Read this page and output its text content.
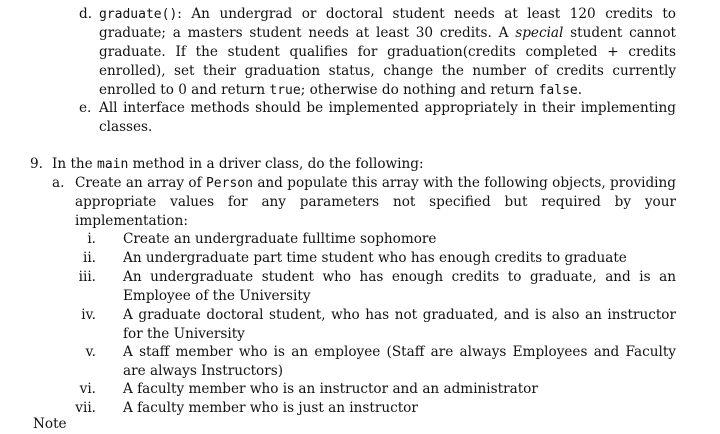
d. graduate(): An undergrad or doctoral student needs at least 120 credits to graduate; a masters student needs at least 30 credits. A special student cannot graduate. If the student qualifies for graduation(credits completed + credits enrolled), set their graduation status, change the number of credits currently enrolled to 0 and return true; otherwise do nothing and return false.

e. All interface methods should be implemented appropriately in their implementing classes.

9. In the main method in a driver class, do the following:

a. Create an array of Person and populate this array with the following objects, providing appropriate values for any parameters not specified but required by your implementation:

i. Create an undergraduate fulltime sophomore

ii. An undergraduate part time student who has enough credits to graduate

iii. An undergraduate student who has enough credits to graduate, and is an Employee of the University

iv. A graduate doctoral student, who has not graduated, and is also an instructor for the University

v. A staff member who is an employee (Staff are always Employees and Faculty are always Instructors)

vi. A faculty member who is an instructor and an administrator

vii. A faculty member who is just an instructor

Note
